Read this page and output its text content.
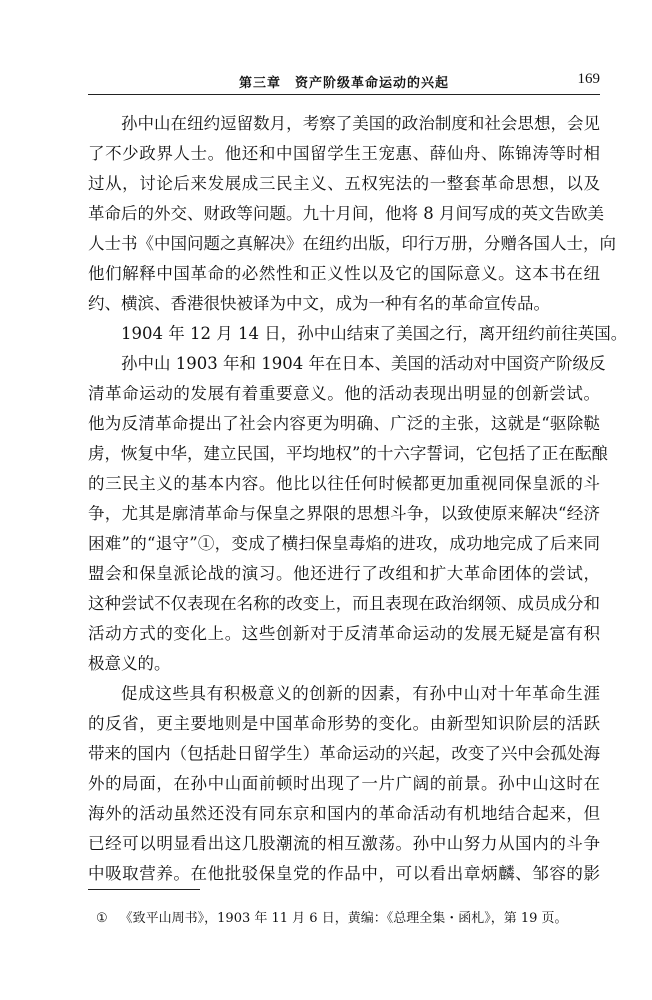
第三章　资产阶级革命运动的兴起	169
孙中山在纽约逗留数月，考察了美国的政治制度和社会思想，会见
了不少政界人士。他还和中国留学生王宠惠、薛仙舟、陈锦涛等时相
过从，讨论后来发展成三民主义、五权宪法的一整套革命思想，以及
革命后的外交、财政等问题。九十月间，他将 8 月间写成的英文告欧美
人士书《中国问题之真解决》在纽约出版，印行万册，分赠各国人士，向
他们解释中国革命的必然性和正义性以及它的国际意义。这本书在纽
约、横滨、香港很快被译为中文，成为一种有名的革命宣传品。
1904 年 12 月 14 日，孙中山结束了美国之行，离开纽约前往英国。
孙中山 1903 年和 1904 年在日本、美国的活动对中国资产阶级反
清革命运动的发展有着重要意义。他的活动表现出明显的创新尝试。
他为反清革命提出了社会内容更为明确、广泛的主张，这就是“驱除鞑
虏，恢复中华，建立民国，平均地权”的十六字誓词，它包括了正在酝酿
的三民主义的基本内容。他比以往任何时候都更加重视同保皇派的斗
争，尤其是廓清革命与保皇之界限的思想斗争，以致使原来解决“经济
困难”的“退守”①，变成了横扫保皇毒焰的进攻，成功地完成了后来同
盟会和保皇派论战的演习。他还进行了改组和扩大革命团体的尝试，
这种尝试不仅表现在名称的改变上，而且表现在政治纲领、成员成分和
活动方式的变化上。这些创新对于反清革命运动的发展无疑是富有积
极意义的。
促成这些具有积极意义的创新的因素，有孙中山对十年革命生涯
的反省，更主要地则是中国革命形势的变化。由新型知识阶层的活跃
带来的国内（包括赴日留学生）革命运动的兴起，改变了兴中会孤处海
外的局面，在孙中山面前顿时出现了一片广阔的前景。孙中山这时在
海外的活动虽然还没有同东京和国内的革命活动有机地结合起来，但
已经可以明显看出这几股潮流的相互激荡。孙中山努力从国内的斗争
中吸取营养。在他批驳保皇党的作品中，可以看出章炳麟、邹容的影
① 《致平山周书》，1903 年 11 月 6 日，黄编：《总理全集・函札》，第 19 页。
